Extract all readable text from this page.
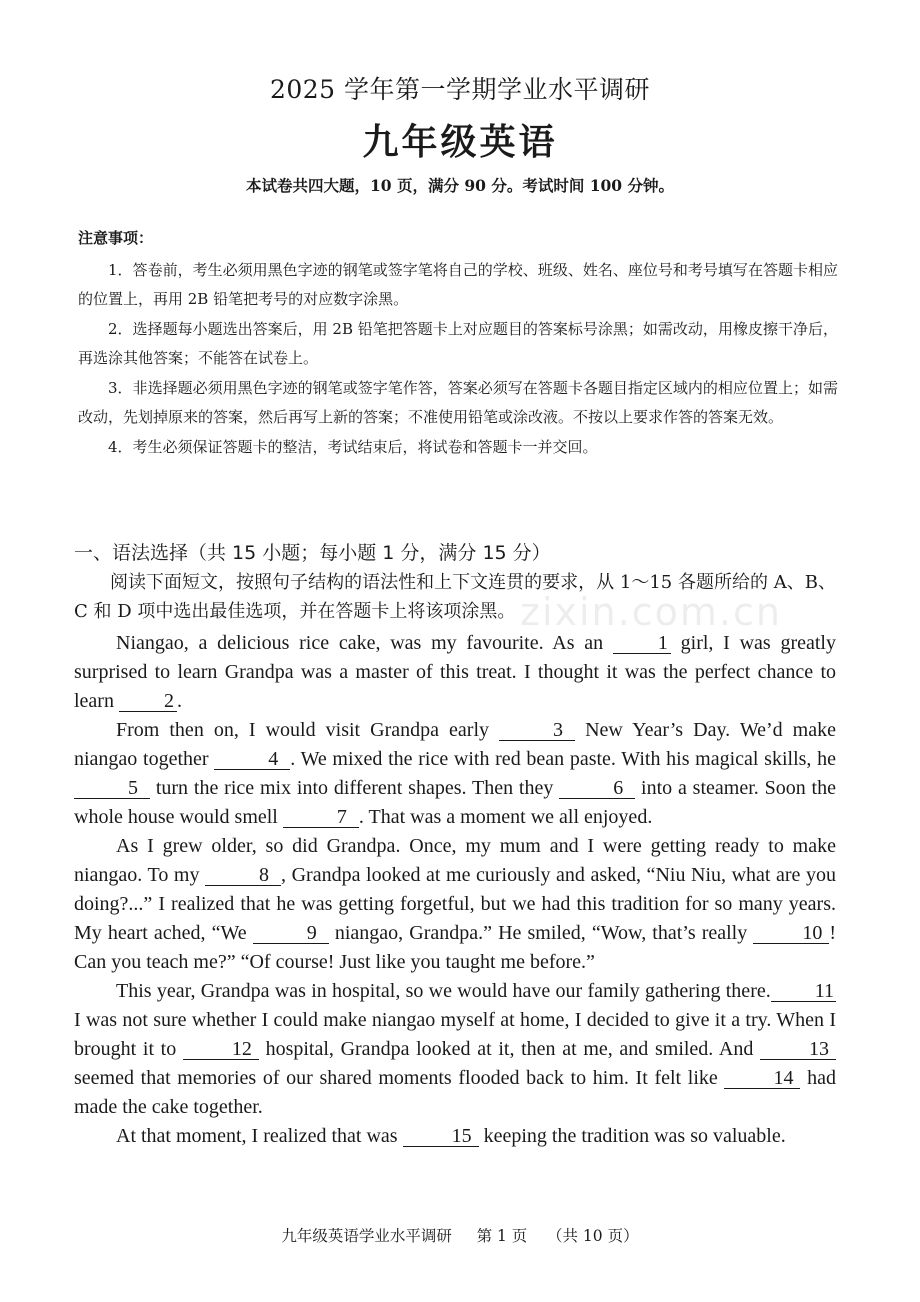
2025 学年第一学期学业水平调研
九年级英语
本试卷共四大题，10 页，满分 90 分。考试时间 100 分钟。
注意事项：
1．答卷前，考生必须用黑色字迹的钢笔或签字笔将自己的学校、班级、姓名、座位号和考号填写在答题卡相应的位置上，再用 2B 铅笔把考号的对应数字涂黑。
2．选择题每小题选出答案后，用 2B 铅笔把答题卡上对应题目的答案标号涂黑；如需改动，用橡皮擦干净后，再选涂其他答案；不能答在试卷上。
3．非选择题必须用黑色字迹的钢笔或签字笔作答，答案必须写在答题卡各题目指定区域内的相应位置上；如需改动，先划掉原来的答案，然后再写上新的答案；不准使用铅笔或涂改液。不按以上要求作答的答案无效。
4．考生必须保证答题卡的整洁，考试结束后，将试卷和答题卡一并交回。
zixin.com.cn
一、语法选择（共 15 小题；每小题 1 分，满分 15 分）
阅读下面短文，按照句子结构的语法性和上下文连贯的要求，从 1～15 各题所给的 A、B、C 和 D 项中选出最佳选项，并在答题卡上将该项涂黑。
Niangao, a delicious rice cake, was my favourite. As an 1 girl, I was greatly surprised to learn Grandpa was a master of this treat. I thought it was the perfect chance to learn 2 .
From then on, I would visit Grandpa early	3 New Year’s Day. We’d make niangao together	4 . We mixed the rice with red bean paste. With his magical skills, he 5 turn the rice mix into different shapes. Then they	6 into a steamer. Soon the whole house would smell	7 . That was a moment we all enjoyed.
As I grew older, so did Grandpa. Once, my mum and I were getting ready to make niangao. To my	8 , Grandpa looked at me curiously and asked, “Niu Niu, what are you doing?...” I realized that he was getting forgetful, but we had this tradition for so many years. My heart ached, “We	9 niangao, Grandpa.” He smiled, “Wow, that’s really 10 ! Can you teach me?” “Of course! Just like you taught me before.”
This year, Grandpa was in hospital, so we would have our family gathering there. 11 I was not sure whether I could make niangao myself at home, I decided to give it a try. When I brought it to 12 hospital, Grandpa looked at it, then at me, and smiled. And 13 seemed that memories of our shared moments flooded back to him. It felt like 14 had made the cake together.
At that moment, I realized that was 15 keeping the tradition was so valuable.
九年级英语学业水平调研 第 1 页 （共 10 页）
